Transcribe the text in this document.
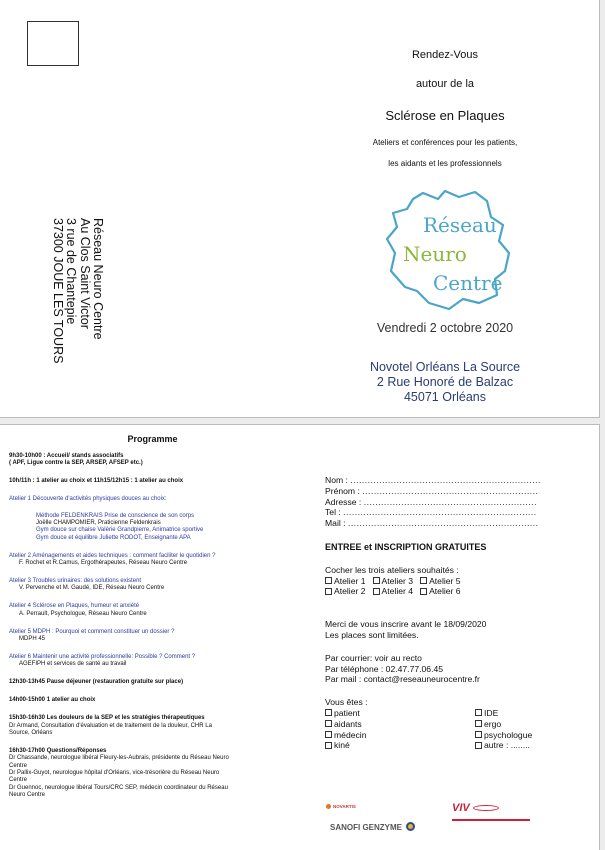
Réseau Neuro Centre
Au Clos Saint Victor
3 rue de Chantepie
37300 JOUE LES TOURS
Rendez-Vous
autour de la
Sclérose en Plaques
Ateliers et conférences pour les patients,
les aidants et les professionnels
Réseau
Neuro
Centre
Vendredi 2 octobre 2020
Novotel Orléans La Source
2 Rue Honoré de Balzac
45071 Orléans
Programme
9h30-10h00 : Accueil/ stands associatifs
( APF, Ligue contre la SEP, ARSEP, AFSEP etc.)
10h/11h : 1 atelier au choix et 11h15/12h15 : 1 atelier au choix
Atelier 1 Découverte d'activités physiques douces au choix:
Méthode FELDENKRAIS Prise de conscience de son corps
Joëlle CHAMPOMIER, Praticienne Feldenkrais
Gym douce sur chaise Valérie Grandpierre, Animatrice sportive
Gym douce et équilibre Juliette RODOT, Enseignante APA
Atelier 2 Aménagements et aides techniques : comment faciliter le quotidien ?
F. Rochet et R.Camus, Ergothérapeutes, Réseau Neuro Centre
Atelier 3 Troubles urinaires: des solutions existent
V. Pervenche et M. Gaudé, IDE, Réseau Neuro Centre
Atelier 4 Sclérose en Plaques, humeur et anxiété
A. Perrault, Psychologue, Réseau Neuro Centre
Atelier 5 MDPH : Pourquoi et comment constituer un dossier ?
MDPH 45
Atelier 6 Maintenir une activité professionnelle: Possible ? Comment ?
AGEFIPH et services de santé au travail
12h30-13h45 Pause déjeuner (restauration gratuite sur place)
14h00-15h00 1 atelier au choix
15h30-16h30 Les douleurs de la SEP et les stratégies thérapeutiques
Dr Armand, Consultation d'évaluation et de traitement de la douleur, CHR La
Source, Orléans
16h30-17h00 Questions/Réponses
Dr Chassande, neurologue libéral Fleury-les-Aubrais, présidente du Réseau Neuro
Centre
Dr Pallix-Guyot, neurologue hôpital d'Orléans, vice-trésorière du Réseau Neuro
Centre
Dr Guennoc, neurologue libéral Tours/CRC SEP, médecin coordinateur du Réseau
Neuro Centre
Nom : ..................................................................
Prénom : .............................................................
Adresse : ............................................................
Tel : ...................................................................
Mail : ..................................................................
ENTREE et INSCRIPTION GRATUITES
Cocher les trois ateliers souhaités :
Atelier 1 Atelier 3 Atelier 5
Atelier 2 Atelier 4 Atelier 6
Merci de vous inscrire avant le 18/09/2020
Les places sont limitées.
Par courrier: voir au recto
Par téléphone : 02.47.77.06.45
Par mail : contact@reseauneurocentre.fr
Vous êtes :
patient	IDE
aidants	ergo
médecin	psychologue
kiné	autre : ........
NOVARTIS
SANOFI GENZYME
VIV
